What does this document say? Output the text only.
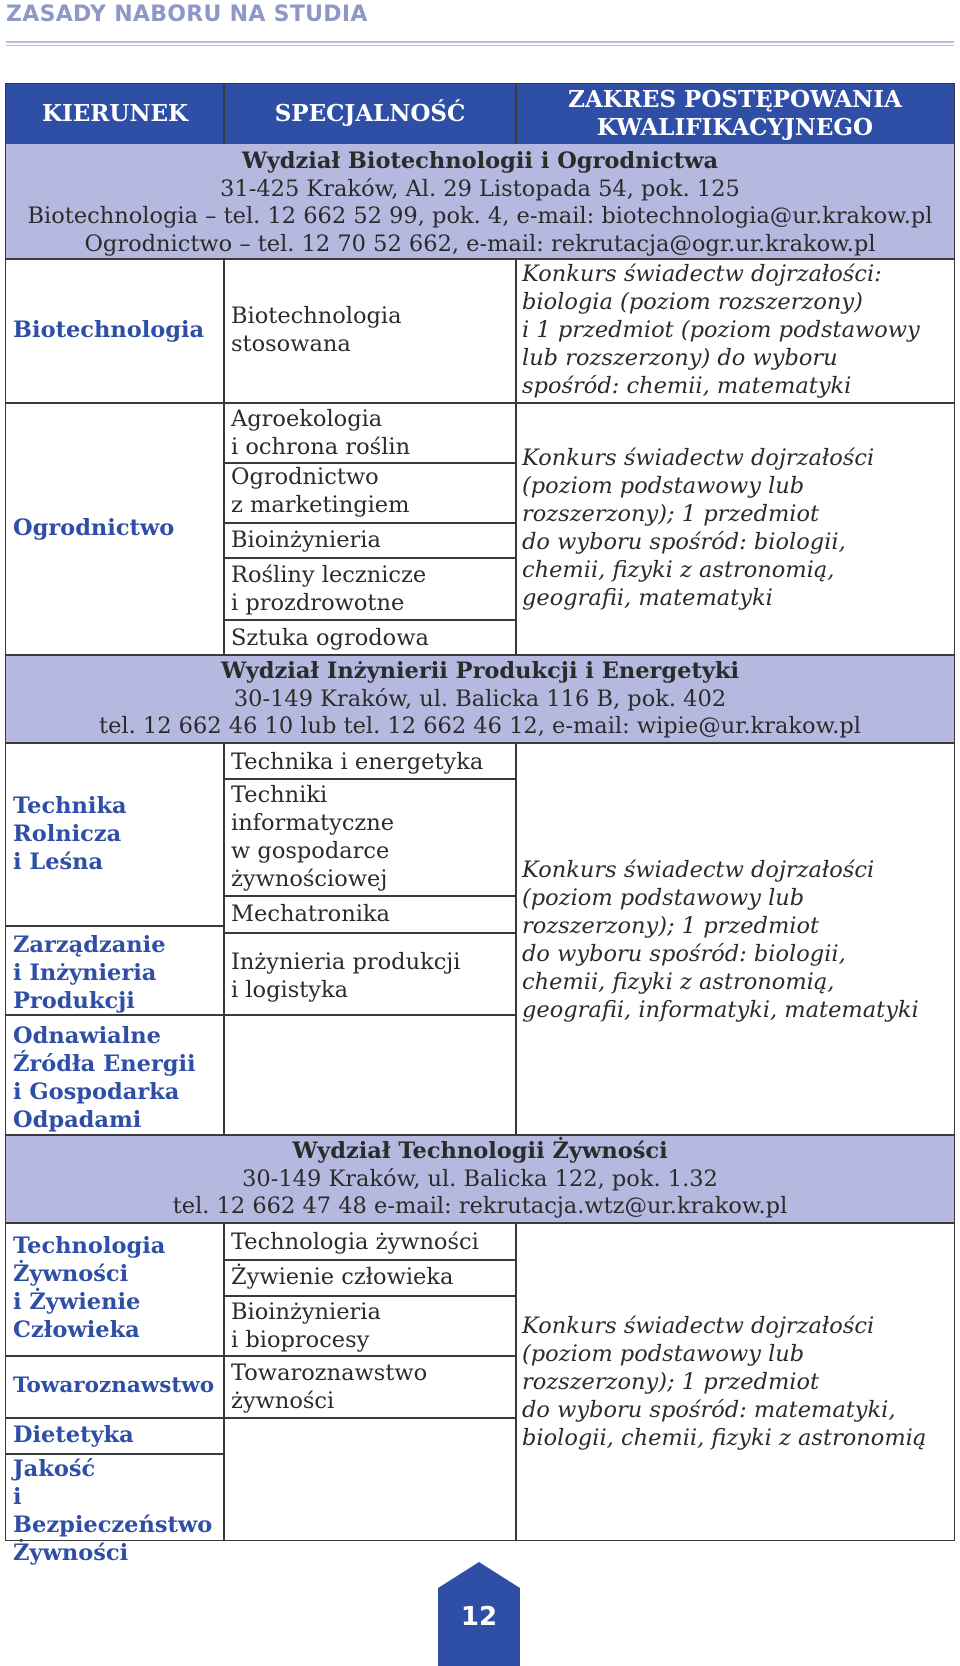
ZASADY NABORU NA STUDIA
KIERUNEK	SPECJALNOŚĆ
ZAKRES POSTĘPOWANIA
KWALIFIKACYJNEGO
Wydział Biotechnologii i Ogrodnictwa
31-425 Kraków, Al. 29 Listopada 54, pok. 125
Biotechnologia – tel. 12 662 52 99, pok. 4, e-mail: biotechnologia@ur.krakow.pl
Ogrodnictwo – tel. 12 70 52 662, e-mail: rekrutacja@ogr.ur.krakow.pl
Biotechnologia
Biotechnologia
stosowana
Konkurs świadectw dojrzałości:
biologia (poziom rozszerzony)
i 1 przedmiot (poziom podstawowy
lub rozszerzony) do wyboru
spośród: chemii, matematyki
Ogrodnictwo
Agroekologia
i ochrona roślin
Ogrodnictwo
z marketingiem
Bioinżynieria
Rośliny lecznicze
i prozdrowotne
Sztuka ogrodowa
Konkurs świadectw dojrzałości
(poziom podstawowy lub
rozszerzony); 1 przedmiot
do wyboru spośród: biologii,
chemii, fizyki z astronomią,
geografii, matematyki
Wydział Inżynierii Produkcji i Energetyki
30-149 Kraków, ul. Balicka 116 B, pok. 402
tel. 12 662 46 10 lub tel. 12 662 46 12, e-mail: wipie@ur.krakow.pl
Technika
Rolnicza
i Leśna
Zarządzanie
i Inżynieria
Produkcji
Odnawialne
Źródła Energii
i Gospodarka
Odpadami
Technika i energetyka
Techniki
informatyczne
w gospodarce
żywnościowej
Mechatronika
Inżynieria produkcji
i logistyka
Konkurs świadectw dojrzałości
(poziom podstawowy lub
rozszerzony); 1 przedmiot
do wyboru spośród: biologii,
chemii, fizyki z astronomią,
geografii, informatyki, matematyki
Wydział Technologii Żywności
30-149 Kraków, ul. Balicka 122, pok. 1.32
tel. 12 662 47 48 e-mail: rekrutacja.wtz@ur.krakow.pl
Technologia
Żywności
i Żywienie
Człowieka
Towaroznawstwo
Dietetyka
Jakość
i Bezpieczeństwo
Żywności
Technologia żywności
Żywienie człowieka
Bioinżynieria
i bioprocesy
Towaroznawstwo
żywności
Konkurs świadectw dojrzałości
(poziom podstawowy lub
rozszerzony); 1 przedmiot
do wyboru spośród: matematyki,
biologii, chemii, fizyki z astronomią
12
